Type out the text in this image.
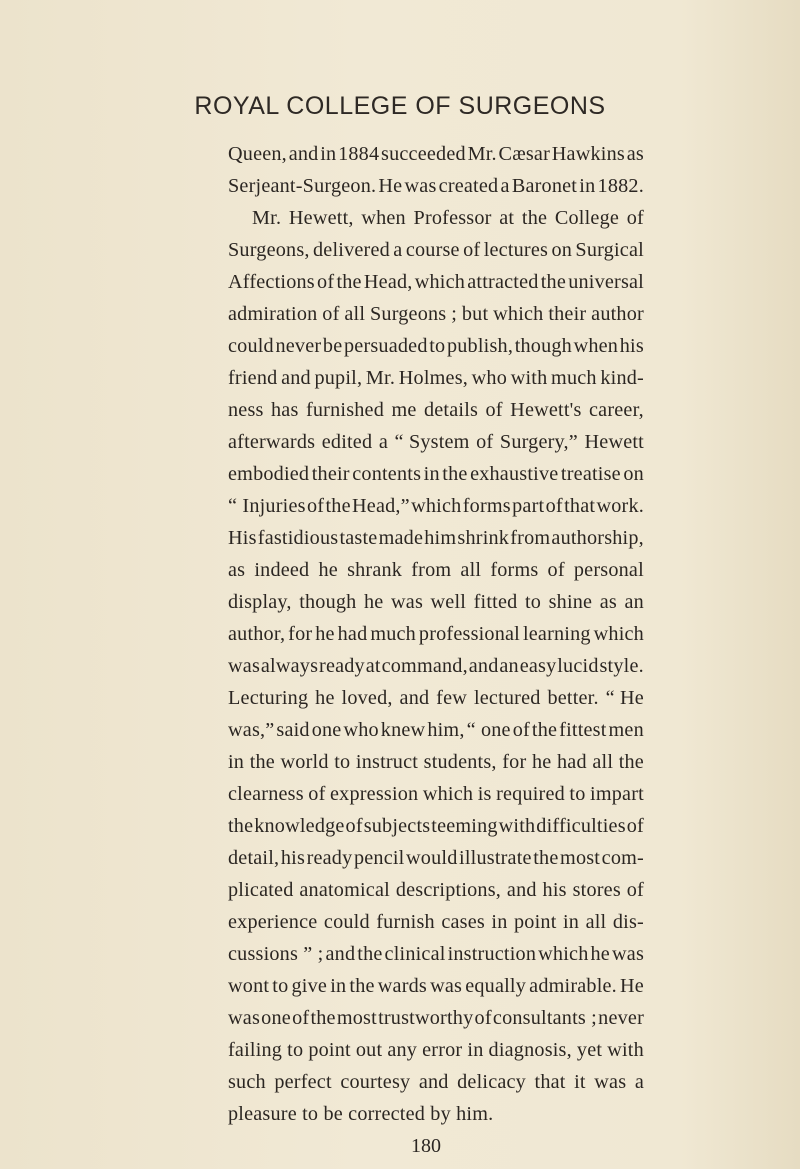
ROYAL COLLEGE OF SURGEONS
Queen, and in 1884 succeeded Mr. Cæsar Hawkins as
Serjeant-Surgeon. He was created a Baronet in 1882.
Mr. Hewett, when Professor at the College of
Surgeons, delivered a course of lectures on Surgical
Affections of the Head, which attracted the universal
admiration of all Surgeons ; but which their author
could never be persuaded to publish, though when his
friend and pupil, Mr. Holmes, who with much kind-
ness has furnished me details of Hewett's career,
afterwards edited a “ System of Surgery,” Hewett
embodied their contents in the exhaustive treatise on
“ Injuries of the Head,” which forms part of that work.
His fastidious taste made him shrink from authorship,
as indeed he shrank from all forms of personal
display, though he was well fitted to shine as an
author, for he had much professional learning which
was always ready at command, and an easy lucid style.
Lecturing he loved, and few lectured better. “ He
was,” said one who knew him, “ one of the fittest men
in the world to instruct students, for he had all the
clearness of expression which is required to impart
the knowledge of subjects teeming with difficulties of
detail, his ready pencil would illustrate the most com-
plicated anatomical descriptions, and his stores of
experience could furnish cases in point in all dis-
cussions ” ; and the clinical instruction which he was
wont to give in the wards was equally admirable. He
was one of the most trustworthy of consultants ; never
failing to point out any error in diagnosis, yet with
such perfect courtesy and delicacy that it was a
pleasure to be corrected by him.
180
